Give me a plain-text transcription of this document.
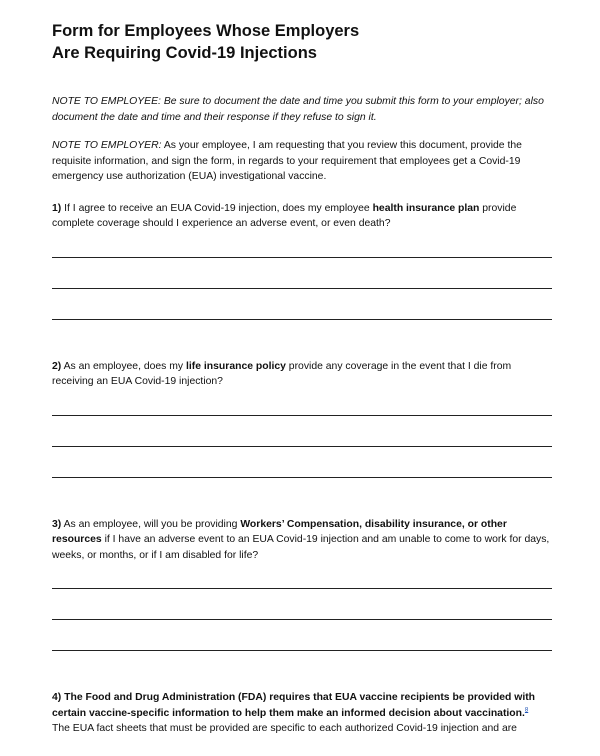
Form for Employees Whose Employers
Are Requiring Covid-19 Injections

NOTE TO EMPLOYEE: Be sure to document the date and time you submit this form to your employer; also document the date and time and their response if they refuse to sign it.

NOTE TO EMPLOYER: As your employee, I am requesting that you review this document, provide the requisite information, and sign the form, in regards to your requirement that employees get a Covid-19 emergency use authorization (EUA) investigational vaccine.

1) If I agree to receive an EUA Covid-19 injection, does my employee health insurance plan provide complete coverage should I experience an adverse event, or even death?

2) As an employee, does my life insurance policy provide any coverage in the event that I die from receiving an EUA Covid-19 injection?

3) As an employee, will you be providing Workers’ Compensation, disability insurance, or other resources if I have an adverse event to an EUA Covid-19 injection and am unable to come to work for days, weeks, or months, or if I am disabled for life?

4) The Food and Drug Administration (FDA) requires that EUA vaccine recipients be provided with certain vaccine-specific information to help them make an informed decision about vaccination.$^8$
The EUA fact sheets that must be provided are specific to each authorized Covid-19 injection and are
